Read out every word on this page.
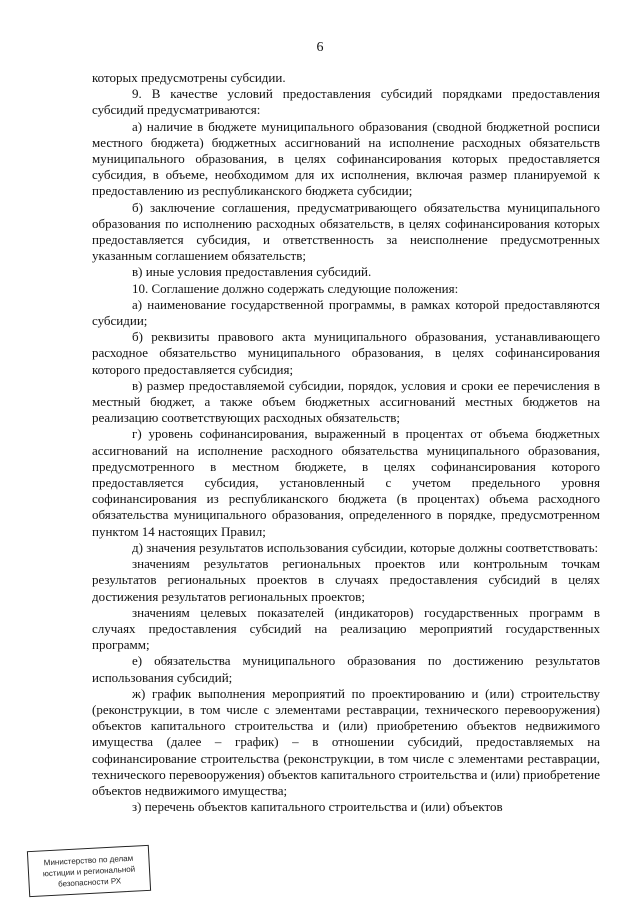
6

которых предусмотрены субсидии.

9. В качестве условий предоставления субсидий порядками предоставления субсидий предусматриваются:

а) наличие в бюджете муниципального образования (сводной бюджетной росписи местного бюджета) бюджетных ассигнований на исполнение расходных обязательств муниципального образования, в целях софинансирования которых предоставляется субсидия, в объеме, необходимом для их исполнения, включая размер планируемой к предоставлению из республиканского бюджета субсидии;

б) заключение соглашения, предусматривающего обязательства муниципального образования по исполнению расходных обязательств, в целях софинансирования которых предоставляется субсидия, и ответственность за неисполнение предусмотренных указанным соглашением обязательств;

в) иные условия предоставления субсидий.

10. Соглашение должно содержать следующие положения:

а) наименование государственной программы, в рамках которой предоставляются субсидии;

б) реквизиты правового акта муниципального образования, устанавливающего расходное обязательство муниципального образования, в целях софинансирования которого предоставляется субсидия;

в) размер предоставляемой субсидии, порядок, условия и сроки ее перечисления в местный бюджет, а также объем бюджетных ассигнований местных бюджетов на реализацию соответствующих расходных обязательств;

г) уровень софинансирования, выраженный в процентах от объема бюджетных ассигнований на исполнение расходного обязательства муниципального образования, предусмотренного в местном бюджете, в целях софинансирования которого предоставляется субсидия, установленный с учетом предельного уровня софинансирования из республиканского бюджета (в процентах) объема расходного обязательства муниципального образования, определенного в порядке, предусмотренном пунктом 14 настоящих Правил;

д) значения результатов использования субсидии, которые должны соответствовать:

значениям результатов региональных проектов или контрольным точкам результатов региональных проектов в случаях предоставления субсидий в целях достижения результатов региональных проектов;

значениям целевых показателей (индикаторов) государственных программ в случаях предоставления субсидий на реализацию мероприятий государственных программ;

е) обязательства муниципального образования по достижению результатов использования субсидий;

ж) график выполнения мероприятий по проектированию и (или) строительству (реконструкции, в том числе с элементами реставрации, технического перевооружения) объектов капитального строительства и (или) приобретению объектов недвижимого имущества (далее – график) – в отношении субсидий, предоставляемых на софинансирование строительства (реконструкции, в том числе с элементами реставрации, технического перевооружения) объектов капитального строительства и (или) приобретение объектов недвижимого имущества;

з) перечень объектов капитального строительства и (или) объектов

Министерство по делам
юстиции и региональной
безопасности РХ
